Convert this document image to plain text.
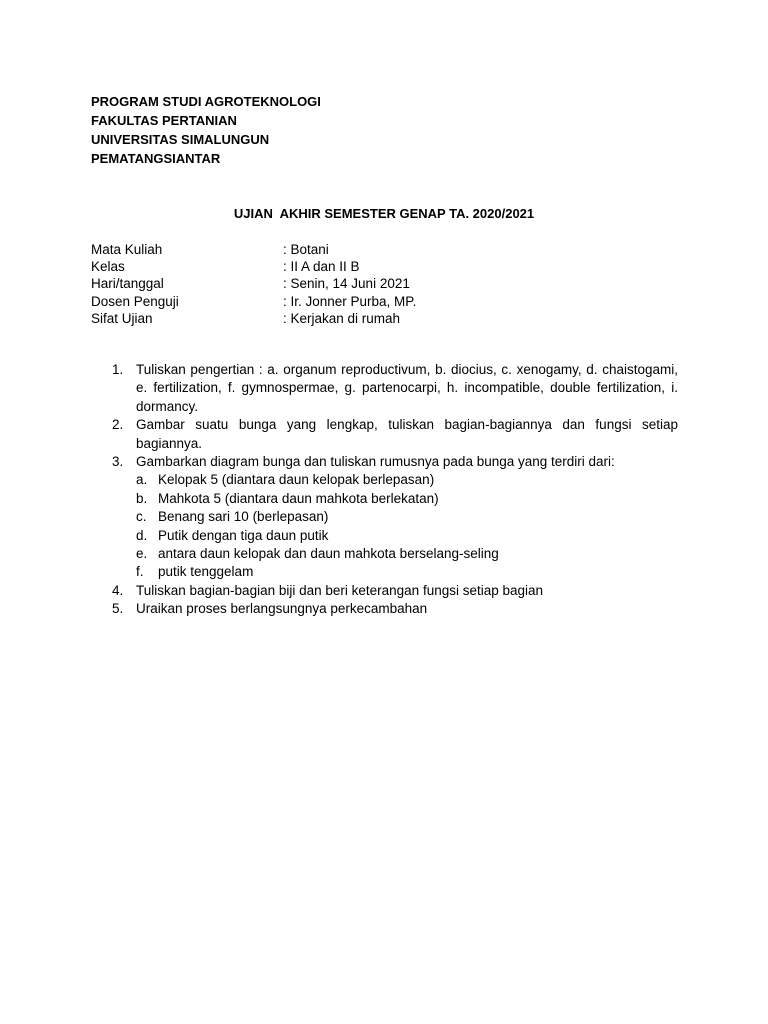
PROGRAM STUDI AGROTEKNOLOGI
FAKULTAS PERTANIAN
UNIVERSITAS SIMALUNGUN
PEMATANGSIANTAR
UJIAN  AKHIR SEMESTER GENAP TA. 2020/2021
Mata Kuliah	: Botani
Kelas	: II A dan II B
Hari/tanggal	: Senin, 14 Juni 2021
Dosen Penguji	: Ir. Jonner Purba, MP.
Sifat Ujian	: Kerjakan di rumah
1. Tuliskan pengertian : a. organum reproductivum, b. diocius, c. xenogamy, d. chaistogami, e. fertilization, f. gymnospermae, g. partenocarpi, h. incompatible, double fertilization, i. dormancy.
2. Gambar suatu bunga yang lengkap, tuliskan bagian-bagiannya dan fungsi setiap bagiannya.
3. Gambarkan diagram bunga dan tuliskan rumusnya pada bunga yang terdiri dari:
a. Kelopak 5 (diantara daun kelopak berlepasan)
b. Mahkota 5 (diantara daun mahkota berlekatan)
c. Benang sari 10 (berlepasan)
d. Putik dengan tiga daun putik
e. antara daun kelopak dan daun mahkota berselang-seling
f.	putik tenggelam
4. Tuliskan bagian-bagian biji dan beri keterangan fungsi setiap bagian
5. Uraikan proses berlangsungnya perkecambahan
